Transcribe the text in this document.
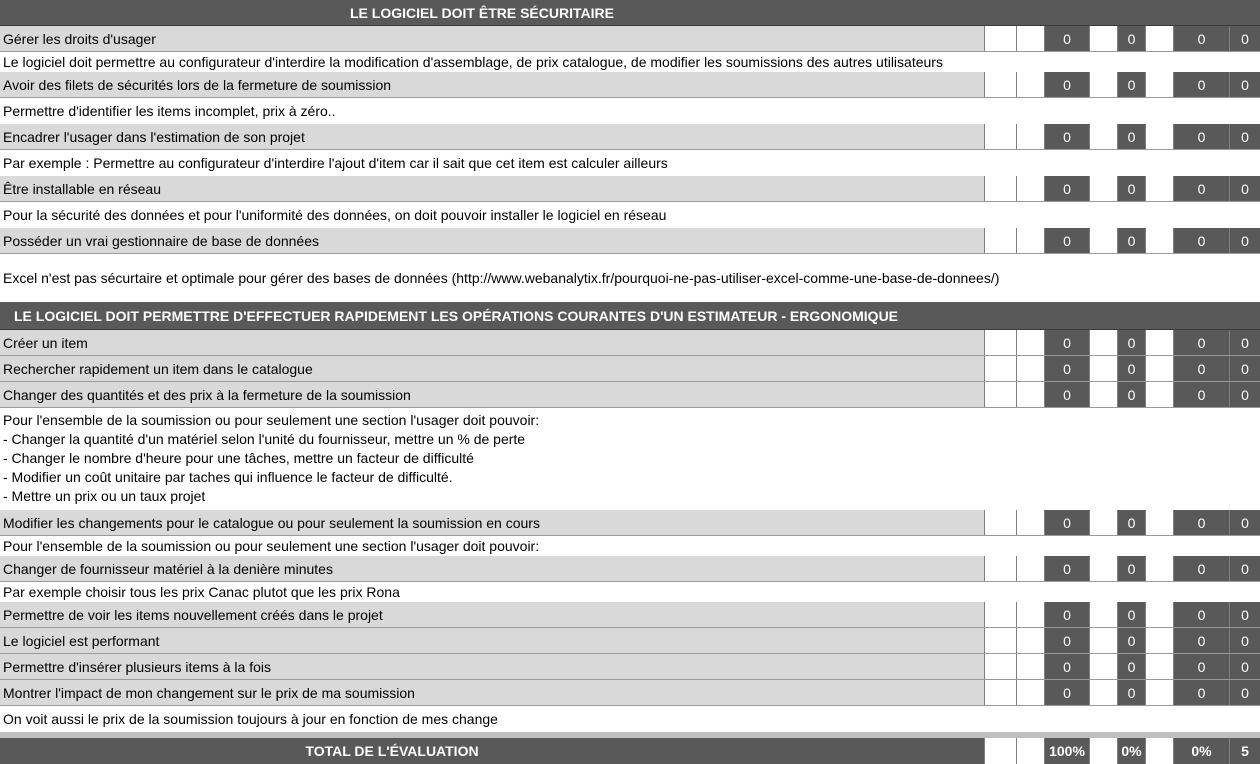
LE LOGICIEL DOIT ÊTRE SÉCURITAIRE
Gérer les droits d'usager	0	0	0	0
Le logiciel doit permettre au configurateur d'interdire la modification d'assemblage, de prix catalogue, de modifier les soumissions des autres utilisateurs
Avoir des filets de sécurités lors de la fermeture de soumission	0	0	0	0
Permettre d'identifier les items incomplet, prix à zéro..
Encadrer l'usager dans l'estimation de son projet	0	0	0	0
Par exemple : Permettre au configurateur d'interdire l'ajout d'item car il sait que cet item est calculer ailleurs
Être installable en réseau	0	0	0	0
Pour la sécurité des données et pour l'uniformité des données, on doit pouvoir installer le logiciel en réseau
Posséder un vrai gestionnaire de base de données	0	0	0	0
Excel n'est pas sécurtaire et optimale pour gérer des bases de données (http://www.webanalytix.fr/pourquoi-ne-pas-utiliser-excel-comme-une-base-de-donnees/)
LE LOGICIEL DOIT PERMETTRE D'EFFECTUER RAPIDEMENT LES OPÉRATIONS COURANTES D'UN ESTIMATEUR - ERGONOMIQUE
Créer un item	0	0	0	0
Rechercher rapidement un item dans le catalogue	0	0	0	0
Changer des quantités et des prix à la fermeture de la soumission	0	0	0	0
Pour l'ensemble de la soumission ou pour seulement une section l'usager doit pouvoir:
- Changer la quantité d'un matériel selon l'unité du fournisseur, mettre un % de perte
- Changer le nombre d'heure pour une tâches, mettre un facteur de difficulté
- Modifier un coût unitaire par taches qui influence le facteur de difficulté.
- Mettre un prix ou un taux projet
Modifier les changements pour le catalogue ou pour seulement la soumission en cours	0	0	0	0
Pour l'ensemble de la soumission ou pour seulement une section l'usager doit pouvoir:
Changer de fournisseur matériel à la denière minutes	0	0	0	0
Par exemple choisir tous les prix Canac plutot que les prix Rona
Permettre de voir les items nouvellement créés dans le projet	0	0	0	0
Le logiciel est performant	0	0	0	0
Permettre d'insérer plusieurs items à la fois	0	0	0	0
Montrer l'impact de mon changement sur le prix de ma soumission	0	0	0	0
On voit aussi le prix de la soumission toujours à jour en fonction de mes change
TOTAL DE L'ÉVALUATION	100%	0%	0%	5
